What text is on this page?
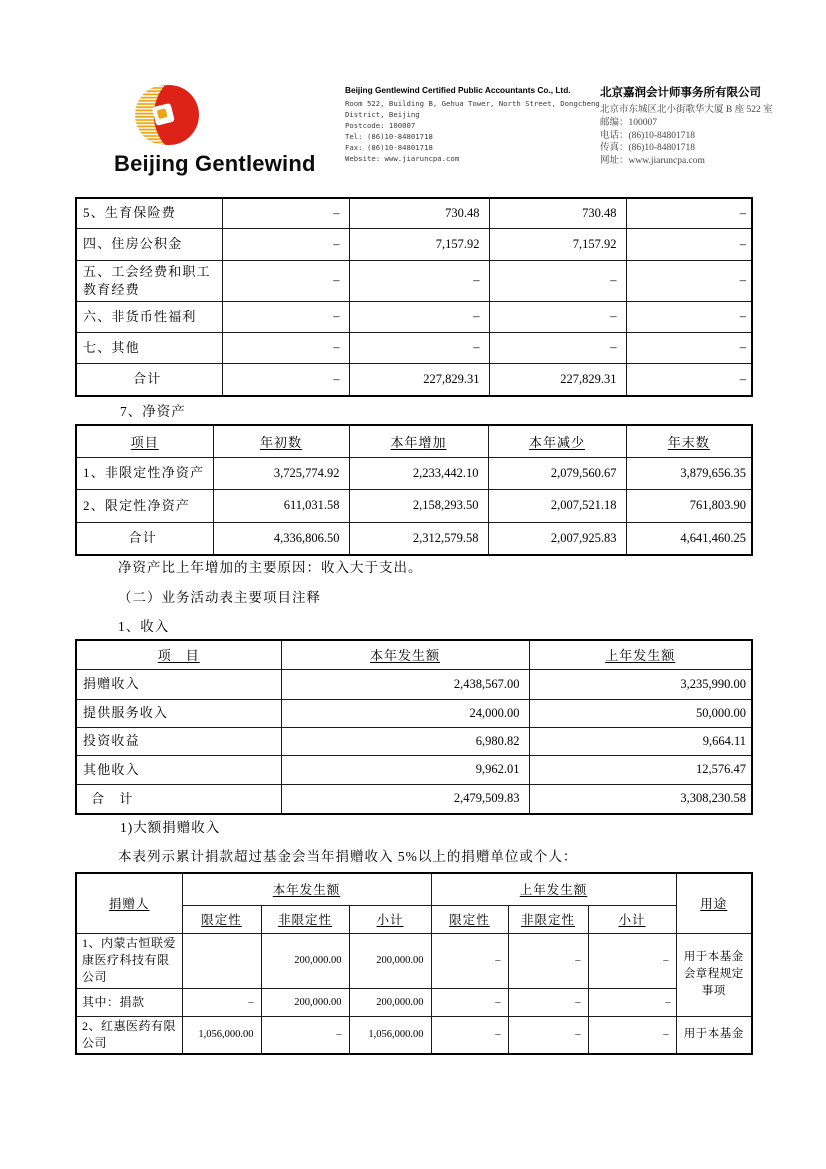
Beijing Gentlewind
Beijing Gentlewind Certified Public Accountants Co., Ltd.
Room 522, Building B, Gehua Tower, North Street, Dongcheng
District, Beijing
Postcode: 100007
Tel: (86)10-84801718
Fax: (86)10-84801718
Website: www.jiaruncpa.com
北京嘉润会计师事务所有限公司
北京市东城区北小街歌华大厦 B 座 522 室
邮编：100007
电话：(86)10-84801718
传真：(86)10-84801718
网址：www.jiaruncpa.com
5、生育保险费	–	730.48	730.48	–
四、住房公积金	–	7,157.92	7,157.92	–
五、工会经费和职工教育经费	–	–	–	–
六、非货币性福利	–	–	–	–
七、其他	–	–	–	–
合计	–	227,829.31	227,829.31	–
7、净资产
项目	年初数	本年增加	本年减少	年末数
1、非限定性净资产	3,725,774.92	2,233,442.10	2,079,560.67	3,879,656.35
2、限定性净资产	611,031.58	2,158,293.50	2,007,521.18	761,803.90
合计	4,336,806.50	2,312,579.58	2,007,925.83	4,641,460.25
净资产比上年增加的主要原因：收入大于支出。
（二）业务活动表主要项目注释
1、收入
项　目	本年发生额	上年发生额
捐赠收入	2,438,567.00	3,235,990.00
提供服务收入	24,000.00	50,000.00
投资收益	6,980.82	9,664.11
其他收入	9,962.01	12,576.47
合　计	2,479,509.83	3,308,230.58
1)大额捐赠收入
本表列示累计捐款超过基金会当年捐赠收入 5%以上的捐赠单位或个人：
捐赠人	本年发生额			上年发生额			用途
	限定性	非限定性	小计	限定性	非限定性	小计	
1、内蒙古恒联爱康医疗科技有限公司		200,000.00	200,000.00	–	–	–	用于本基金会章程规定事项
其中：捐款	–	200,000.00	200,000.00	–	–	–	
2、红惠医药有限公司	1,056,000.00	–	1,056,000.00	–	–	–	用于本基金
